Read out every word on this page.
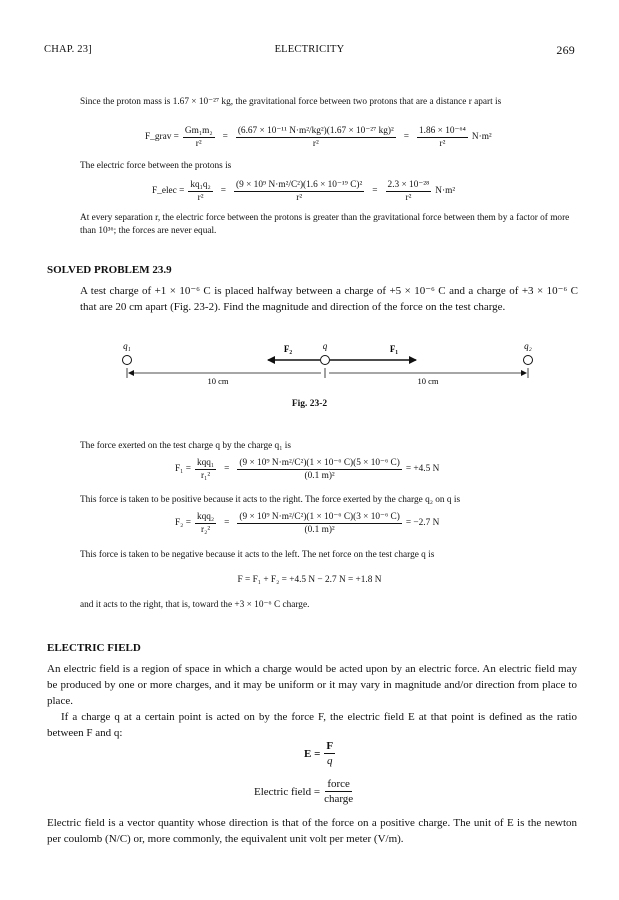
CHAP. 23]	ELECTRICITY	269
Since the proton mass is 1.67 × 10⁻²⁷ kg, the gravitational force between two protons that are a distance r apart is
F_grav = $\frac{\text{Gm₁m₂}}{\text{r²}} = \frac{\text{(6.67 × 10⁻¹¹ N·m²/kg²)(1.67 × 10⁻²⁷ kg)²}}{\text{r²}} = \frac{\text{1.86 × 10⁻⁶⁴}}{\text{r²}} N\cdot m^2$
The electric force between the protons is
F_elec = $\frac{\text{kq₁q₂}}{\text{r²}} = \frac{\text{(9 × 10⁹ N·m²/C²)(1.6 × 10⁻¹⁹ C)²}}{\text{r²}} = \frac{\text{2.3 × 10⁻²⁸}}{\text{r²}} N\cdot m^2$
At every separation r, the electric force between the protons is greater than the gravitational force between them by a factor of more than 10³⁶; the forces are never equal.
SOLVED PROBLEM 23.9
A test charge of +1 × 10⁻⁶ C is placed halfway between a charge of +5 × 10⁻⁶ C and a charge of +3 × 10⁻⁶ C that are 20 cm apart (Fig. 23-2). Find the magnitude and direction of the force on the test charge.
q₁	q	q₂
F₂	F₁
10 cm	10 cm
Fig. 23-2
The force exerted on the test charge q by the charge q₁ is
$F_1 = \frac{\text{kqq₁}}{\text{r₁²}} = \frac{\text{(9 × 10⁹ N·m²/C²)(1 × 10⁻⁶ C)(5 × 10⁻⁶ C)}}{\text{(0.1 m)²}} = +4.5$ N
This force is taken to be positive because it acts to the right. The force exerted by the charge q₂ on q is
$F_2 = \frac{\text{kqq₂}}{\text{r₂²}} = \frac{\text{(9 × 10⁹ N·m²/C²)(1 × 10⁻⁶ C)(3 × 10⁻⁶ C)}}{\text{(0.1 m)²}} = -2.7$ N
This force is taken to be negative because it acts to the left. The net force on the test charge q is
F = F₁ + F₂ = +4.5 N − 2.7 N = +1.8 N
and it acts to the right, that is, toward the +3 × 10⁻⁶ C charge.
ELECTRIC FIELD
An electric field is a region of space in which a charge would be acted upon by an electric force. An electric field may be produced by one or more charges, and it may be uniform or it may vary in magnitude and/or direction from place to place.
If a charge q at a certain point is acted on by the force F, the electric field E at that point is defined as the ratio between F and q:
$E = \frac{F}{q}$
Electric field = $\frac{\text{force}}{\text{charge}}$
Electric field is a vector quantity whose direction is that of the force on a positive charge. The unit of E is the newton per coulomb (N/C) or, more commonly, the equivalent unit volt per meter (V/m).
